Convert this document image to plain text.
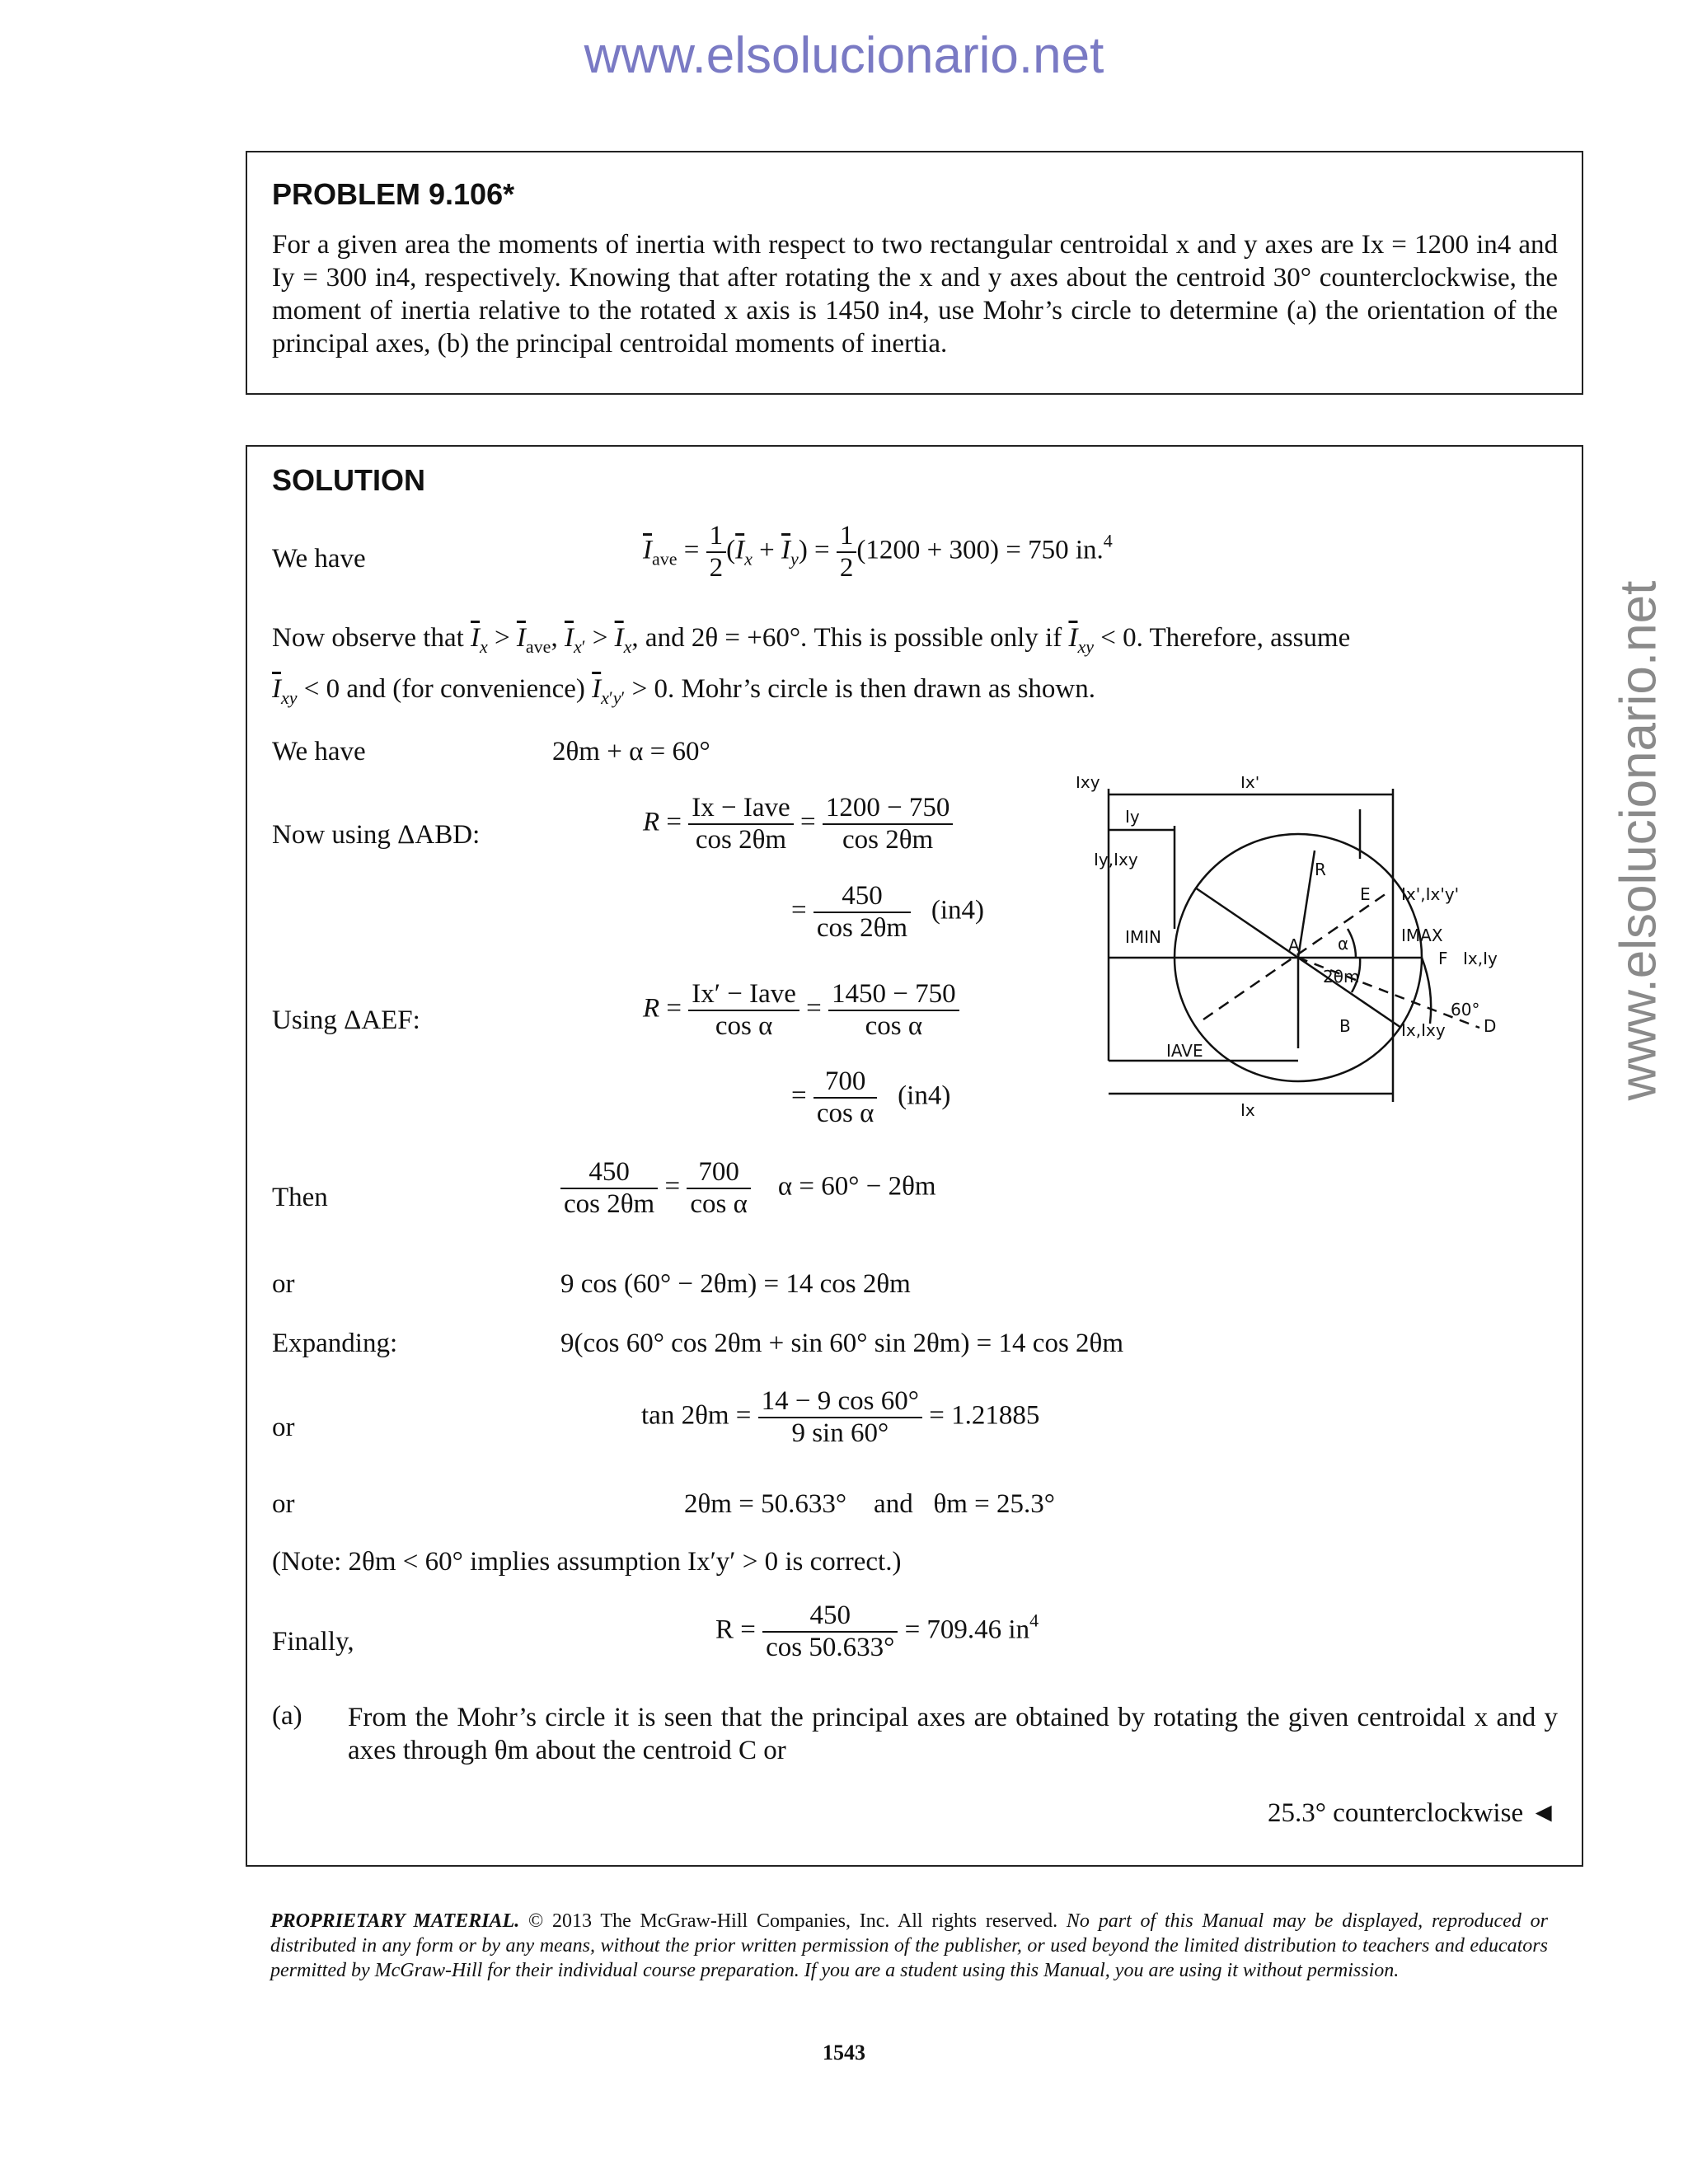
www.elsolucionario.net
www.elsolucionario.net
PROBLEM 9.106*
For a given area the moments of inertia with respect to two rectangular centroidal x and y axes are Ix = 1200 in4 and Iy = 300 in4, respectively. Knowing that after rotating the x and y axes about the centroid 30° counterclockwise, the moment of inertia relative to the rotated x axis is 1450 in4, use Mohr’s circle to determine (a) the orientation of the principal axes, (b) the principal centroidal moments of inertia.
SOLUTION
We have	$\overline{I}_{ave} = \frac{1}{2} (\overline{I}_x + \overline{I}_y) = \frac{1}{2} (1200 + 300) = 750$ in.$^4$
Now observe that $\overline{I}_x > \overline{I}_{ave}$, $\overline{I}_{x'} > \overline{I}_x$, and 2θ = +60°. This is possible only if $\overline{I}_{xy} < 0$. Therefore, assume
$\overline{I}_{xy} < 0$ and (for convenience) $\overline{I}_{x'y'} > 0$. Mohr’s circle is then drawn as shown.
We have	2θm + α = 60°
Now using ΔABD:	$R = \frac{\text{Ix − Iave}}{\cos 2\theta m} = \frac{1200 - 750}{\cos 2\theta m}$
= $\frac{450}{\cos 2\theta m} (in4)$
Using ΔAEF:	$R = \frac{\text{Ix′ − Iave}}{\text{cos α}} = \frac{1450 - 750}{\text{cos α}}$
= $\frac{700}{\text{cos α}} (in4)$
Then	$\frac{450}{\cos 2\theta m} = \frac{700}{\text{cos α}}$ α = 60° − 2θm
or	9 cos (60° − 2θm) = 14 cos 2θm
Expanding:	9(cos 60° cos 2θm + sin 60° sin 2θm) = 14 cos 2θm
or	$\tan 2\theta m = \frac{14 - 9 \cos 60^\circ}{9 \sin 60^\circ} = 1.21885$
or	2θm = 50.633° and θm = 25.3°
(Note: 2θm < 60° implies assumption Ix′y′ > 0 is correct.)
Finally,	$R = \frac{450}{\cos 50.633^\circ} = 709.46$ $in^4$
(a) From the Mohr’s circle it is seen that the principal axes are obtained by rotating the given centroidal x and y axes through θm about the centroid C or
25.3° counterclockwise ◄
Ixy	Ix'
Iy
Iy,Ixy	R
E Ix',Ix'y'
IMIN	A α	IMAX
2θm
F Ix,Iy
B	Ix,Ixy
60°
D
IAVE
Ix
PROPRIETARY MATERIAL. © 2013 The McGraw-Hill Companies, Inc. All rights reserved. No part of this Manual may be displayed, reproduced or distributed in any form or by any means, without the prior written permission of the publisher, or used beyond the limited distribution to teachers and educators permitted by McGraw-Hill for their individual course preparation. If you are a student using this Manual, you are using it without permission.
1543
